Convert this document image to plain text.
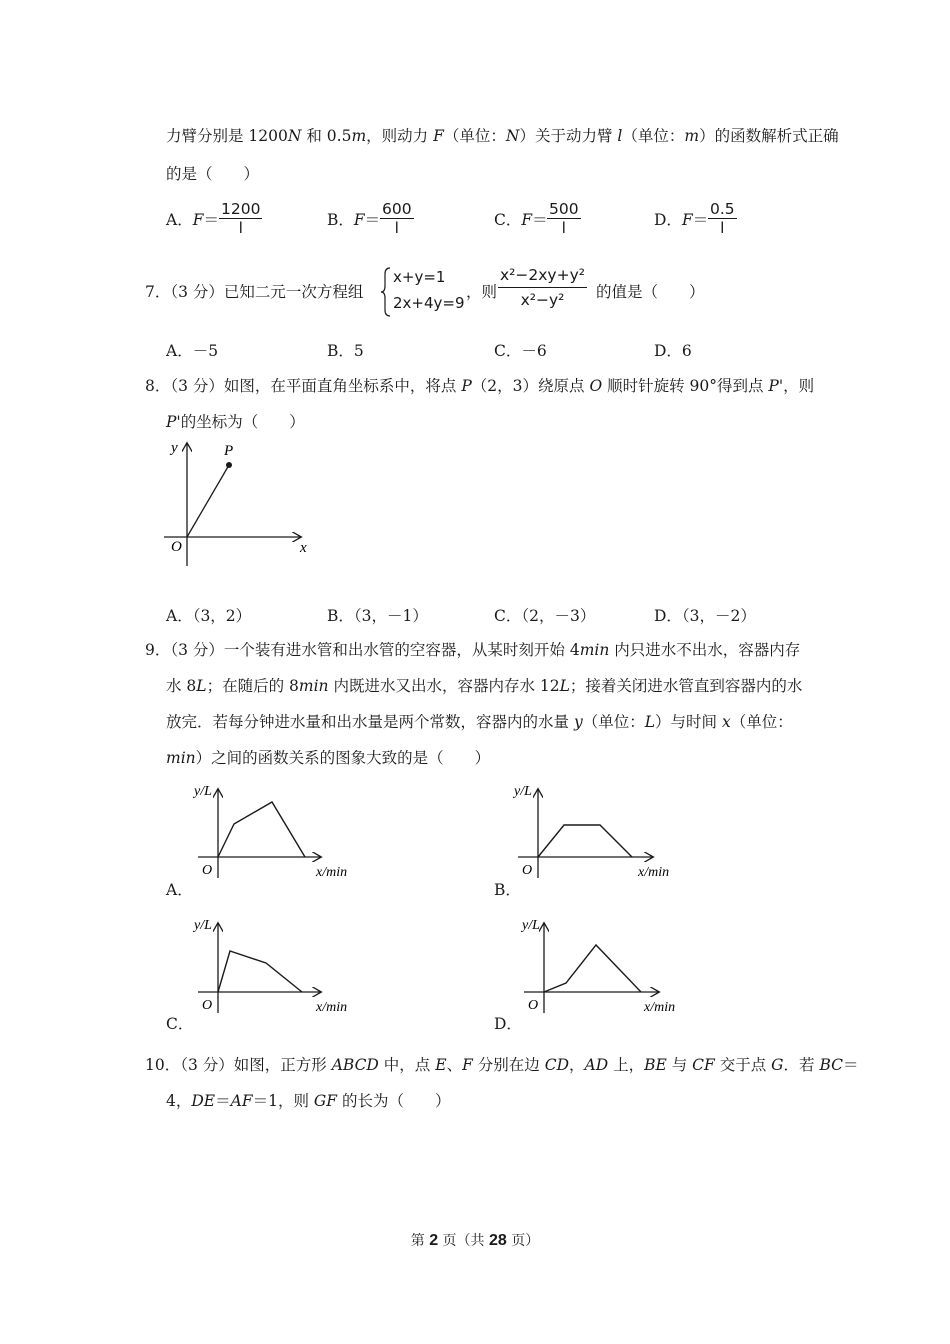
力臂分别是 1200N 和 0.5m，则动力 F（单位：N）关于动力臂 l（单位：m）的函数解析式正确
的是（　　）
A．$F= \frac{1200}{l}$	B．$F= \frac{600}{l}$	C．$F= \frac{500}{l}$	D．$F= \frac{0.5}{l}$
7．（3 分）已知二元一次方程组
x+y=1
2x+4y=9
，则 $\frac{\text{x²−2xy+y²}}{\text{x²−y²}}$ 的值是（　　）
A．－5	B．5	C．－6	D．6
8．（3 分）如图，在平面直角坐标系中，将点 P（2，3）绕原点 O 顺时针旋转 90°得到点 P'，则
P'的坐标为（　　）
y	P
O	x
A．（3，2）	B．（3，－1）	C．（2，－3）	D．（3，－2）
9．（3 分）一个装有进水管和出水管的空容器，从某时刻开始 4min 内只进水不出水，容器内存
水 8L；在随后的 8min 内既进水又出水，容器内存水 12L；接着关闭进水管直到容器内的水
放完．若每分钟进水量和出水量是两个常数，容器内的水量 y（单位：L）与时间 x（单位：
min）之间的函数关系的图象大致的是（　　）
y/L
O	x/min
A．
y/L
O	x/min
B．
y/L
O	x/min
C．
y/L
O	x/min
D．
10．（3 分）如图，正方形 ABCD 中，点 E、F 分别在边 CD，AD 上，BE 与 CF 交于点 G．若 BC＝
4，DE＝AF＝1，则 GF 的长为（　　）
第 2 页（共 28 页）
